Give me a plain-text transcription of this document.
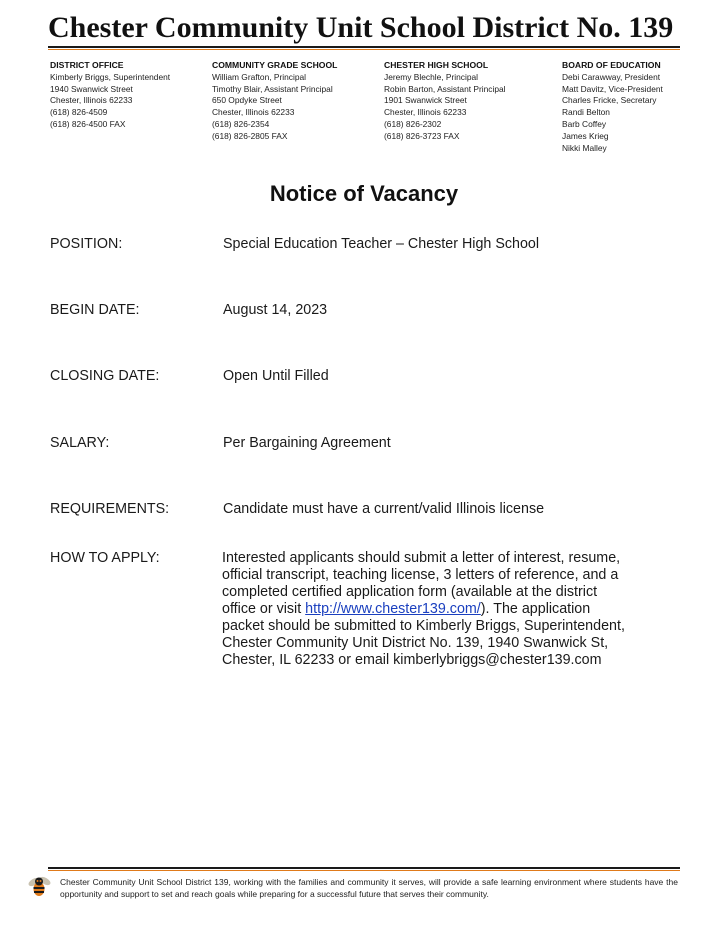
Chester Community Unit School District No. 139
DISTRICT OFFICE
Kimberly Briggs, Superintendent
1940 Swanwick Street
Chester, Illinois 62233
(618) 826-4509
(618) 826-4500 FAX
COMMUNITY GRADE SCHOOL
William Grafton, Principal
Timothy Blair, Assistant Principal
650 Opdyke Street
Chester, Illinois 62233
(618) 826-2354
(618) 826-2805 FAX
CHESTER HIGH SCHOOL
Jeremy Blechle, Principal
Robin Barton, Assistant Principal
1901 Swanwick Street
Chester, Illinois 62233
(618) 826-2302
(618) 826-3723 FAX
BOARD OF EDUCATION
Debi Carawway, President
Matt Davitz, Vice-President
Charles Fricke, Secretary
Randi Belton
Barb Coffey
James Krieg
Nikki Malley
Notice of Vacancy
POSITION:	Special Education Teacher – Chester High School
BEGIN DATE:	August 14, 2023
CLOSING DATE:	Open Until Filled
SALARY:	Per Bargaining Agreement
REQUIREMENTS:	Candidate must have a current/valid Illinois license
HOW TO APPLY:	Interested applicants should submit a letter of interest, resume,
official transcript, teaching license, 3 letters of reference, and a
completed certified application form (available at the district
office or visit http://www.chester139.com/). The application
packet should be submitted to Kimberly Briggs, Superintendent,
Chester Community Unit District No. 139, 1940 Swanwick St,
Chester, IL 62233 or email kimberlybriggs@chester139.com
Chester Community Unit School District 139, working with the families and community it serves, will provide a safe learning environment where students have the opportunity and support to set and reach goals while preparing for a successful future that serves their community.
